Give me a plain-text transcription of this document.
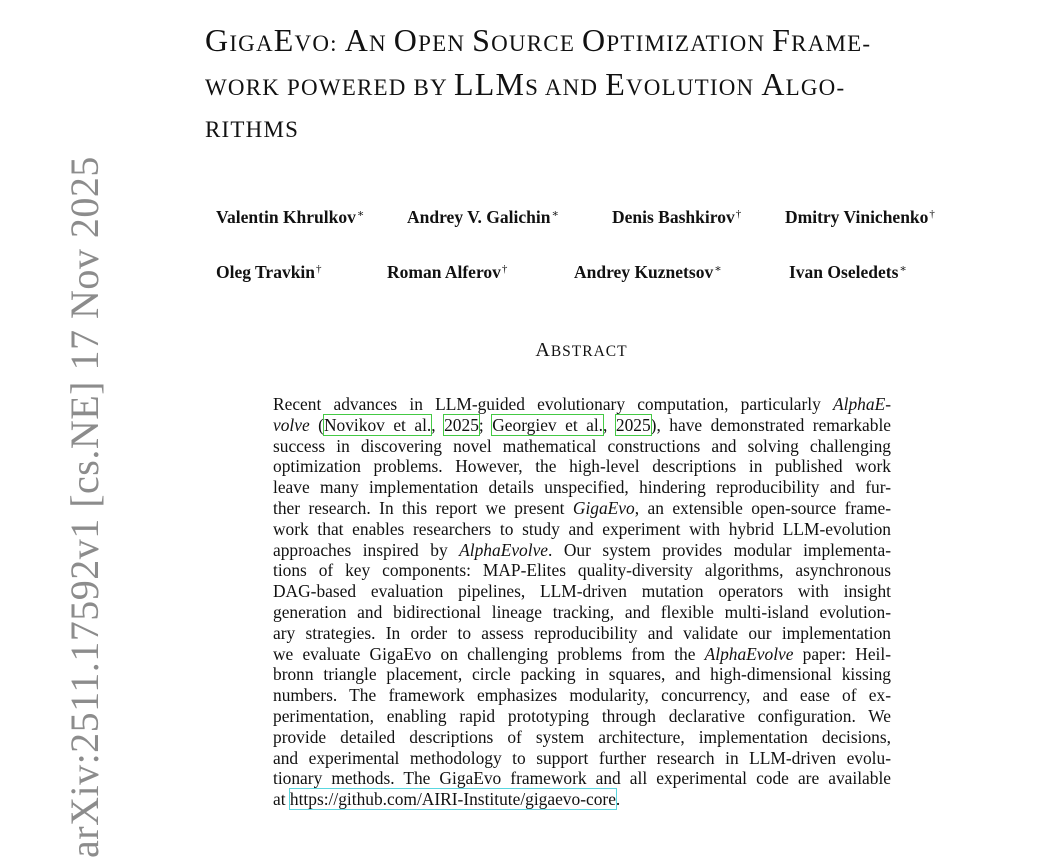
arXiv:2511.17592v1 [cs.NE] 17 Nov 2025
GIGAEVO: AN OPEN SOURCE OPTIMIZATION FRAME-
WORK POWERED BY LLMS AND EVOLUTION ALGO-
RITHMS
Valentin Khrulkov∗ Andrey V. Galichin∗	Denis Bashkirov†	Dmitry Vinichenko†
Oleg Travkin†	Roman Alferov†	Andrey Kuznetsov∗	Ivan Oseledets∗
ABSTRACT
Recent advances in LLM-guided evolutionary computation, particularly AlphaE-
volve (Novikov et al., 2025; Georgiev et al., 2025), have demonstrated remarkable
success in discovering novel mathematical constructions and solving challenging
optimization problems. However, the high-level descriptions in published work
leave many implementation details unspecified, hindering reproducibility and fur-
ther research. In this report we present GigaEvo, an extensible open-source frame-
work that enables researchers to study and experiment with hybrid LLM-evolution
approaches inspired by AlphaEvolve. Our system provides modular implementa-
tions of key components: MAP-Elites quality-diversity algorithms, asynchronous
DAG-based evaluation pipelines, LLM-driven mutation operators with insight
generation and bidirectional lineage tracking, and flexible multi-island evolution-
ary strategies. In order to assess reproducibility and validate our implementation
we evaluate GigaEvo on challenging problems from the AlphaEvolve paper: Heil-
bronn triangle placement, circle packing in squares, and high-dimensional kissing
numbers. The framework emphasizes modularity, concurrency, and ease of ex-
perimentation, enabling rapid prototyping through declarative configuration. We
provide detailed descriptions of system architecture, implementation decisions,
and experimental methodology to support further research in LLM-driven evolu-
tionary methods. The GigaEvo framework and all experimental code are available
at https://github.com/AIRI-Institute/gigaevo-core.
